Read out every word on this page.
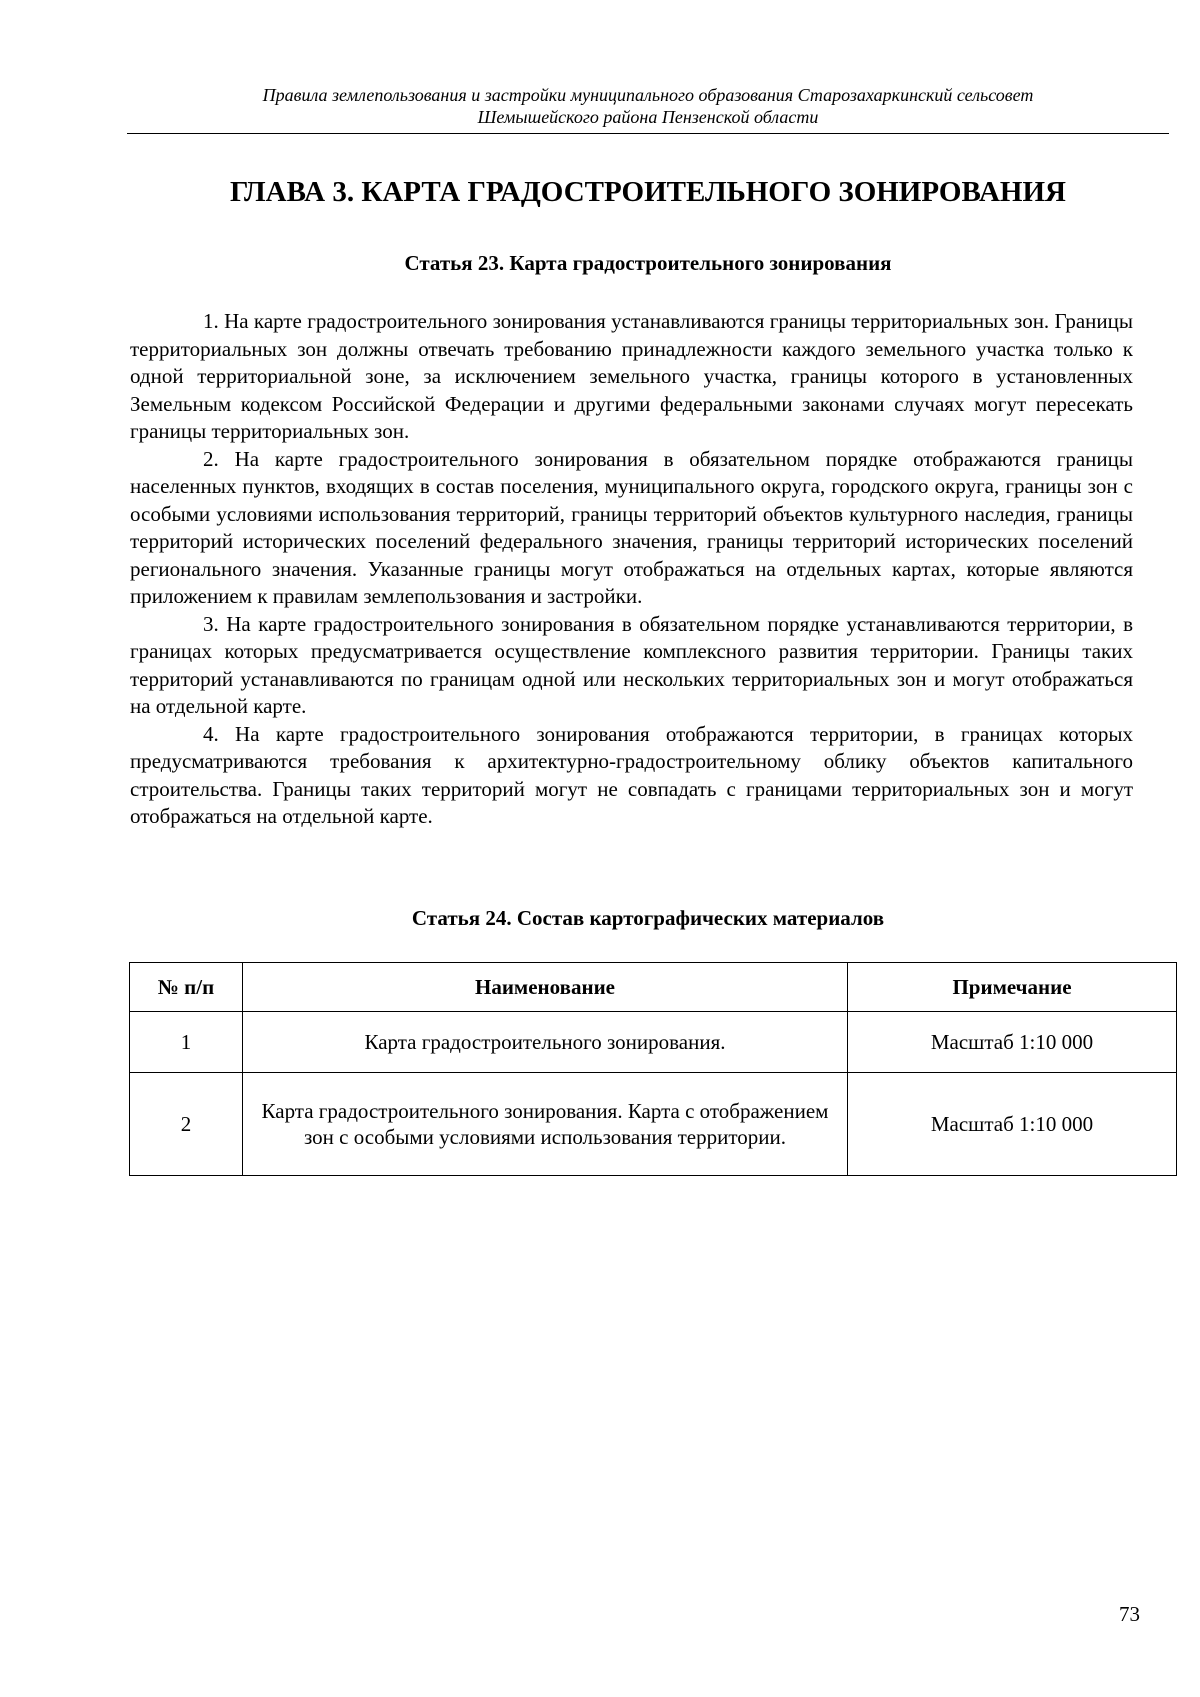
Правила землепользования и застройки муниципального образования Старозахаркинский сельсовет
Шемышейского района Пензенской области
ГЛАВА 3. КАРТА ГРАДОСТРОИТЕЛЬНОГО ЗОНИРОВАНИЯ
Статья 23. Карта градостроительного зонирования

1. На карте градостроительного зонирования устанавливаются границы территориальных зон. Границы территориальных зон должны отвечать требованию принадлежности каждого земельного участка только к одной территориальной зоне, за исключением земельного участка, границы которого в установленных Земельным кодексом Российской Федерации и другими федеральными законами случаях могут пересекать границы территориальных зон.

2. На карте градостроительного зонирования в обязательном порядке отображаются границы населенных пунктов, входящих в состав поселения, муниципального округа, городского округа, границы зон с особыми условиями использования территорий, границы территорий объектов культурного наследия, границы территорий исторических поселений федерального значения, границы территорий исторических поселений регионального значения. Указанные границы могут отображаться на отдельных картах, которые являются приложением к правилам землепользования и застройки.

3. На карте градостроительного зонирования в обязательном порядке устанавливаются территории, в границах которых предусматривается осуществление комплексного развития территории. Границы таких территорий устанавливаются по границам одной или нескольких территориальных зон и могут отображаться на отдельной карте.

4. На карте градостроительного зонирования отображаются территории, в границах которых предусматриваются требования к архитектурно-градостроительному облику объектов капитального строительства. Границы таких территорий могут не совпадать с границами территориальных зон и могут отображаться на отдельной карте.

Статья 24. Состав картографических материалов
№ п/п	Наименование	Примечание
1	Карта градостроительного зонирования.	Масштаб 1:10 000
2	Карта градостроительного зонирования. Карта с отображением зон с особыми условиями использования территории.	Масштаб 1:10 000
73
